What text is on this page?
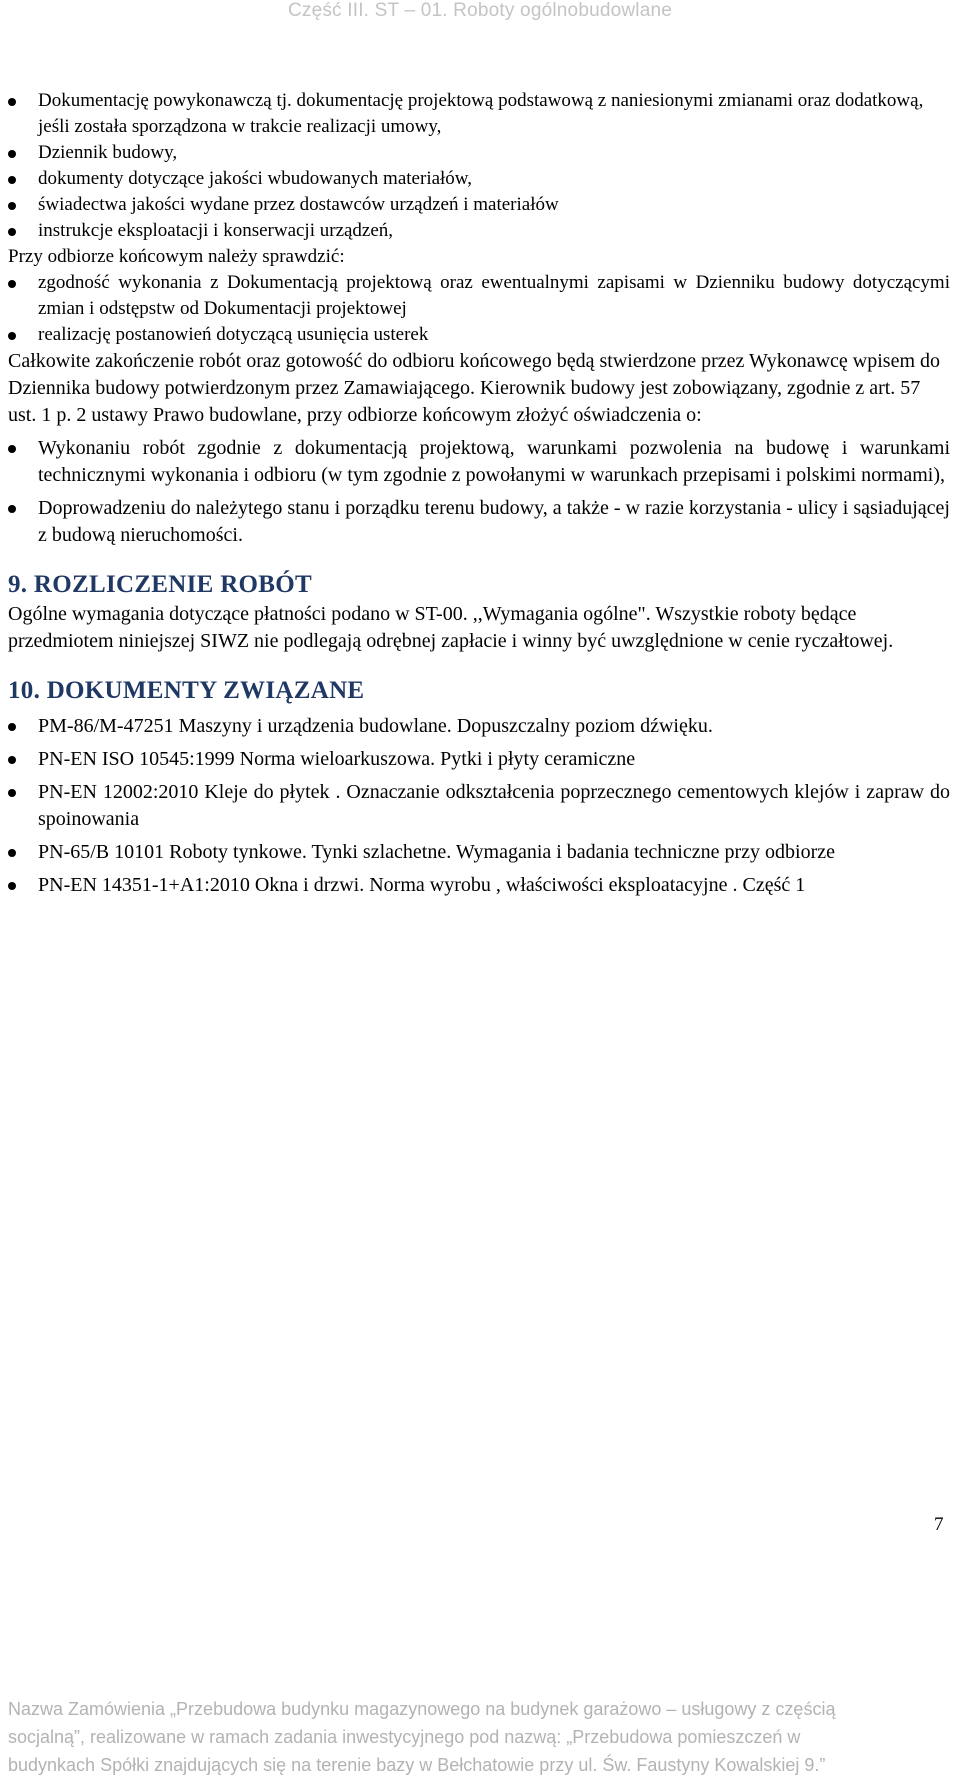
Część III. ST – 01. Roboty ogólnobudowlane
Dokumentację powykonawczą tj. dokumentację projektową podstawową z naniesionymi zmianami oraz dodatkową, jeśli została sporządzona w trakcie realizacji umowy,
Dziennik budowy,
dokumenty dotyczące jakości wbudowanych materiałów,
świadectwa jakości wydane przez dostawców urządzeń i materiałów
instrukcje eksploatacji i konserwacji urządzeń,
Przy odbiorze końcowym należy sprawdzić:
zgodność wykonania z Dokumentacją projektową oraz ewentualnymi zapisami w Dzienniku budowy dotyczącymi zmian i odstępstw od Dokumentacji projektowej
realizację postanowień dotyczącą usunięcia usterek
Całkowite zakończenie robót oraz gotowość do odbioru końcowego będą stwierdzone przez Wykonawcę wpisem do Dziennika budowy potwierdzonym przez Zamawiającego. Kierownik budowy jest zobowiązany, zgodnie z art. 57 ust. 1 p. 2 ustawy Prawo budowlane, przy odbiorze końcowym złożyć oświadczenia o:
Wykonaniu robót zgodnie z dokumentacją projektową, warunkami pozwolenia na budowę i warunkami technicznymi wykonania i odbioru (w tym zgodnie z powołanymi w warunkach przepisami i polskimi normami),
Doprowadzeniu do należytego stanu i porządku terenu budowy, a także - w razie korzystania - ulicy i sąsiadującej z budową nieruchomości.
9. ROZLICZENIE ROBÓT
Ogólne wymagania dotyczące płatności podano w ST-00. ,,Wymagania ogólne". Wszystkie roboty będące przedmiotem niniejszej SIWZ nie podlegają odrębnej zapłacie i winny być uwzględnione w cenie ryczałtowej.
10. DOKUMENTY ZWIĄZANE
PM-86/M-47251 Maszyny i urządzenia budowlane. Dopuszczalny poziom dźwięku.
PN-EN ISO 10545:1999 Norma wieloarkuszowa. Pytki i płyty ceramiczne
PN-EN 12002:2010 Kleje do płytek . Oznaczanie odkształcenia poprzecznego cementowych klejów i zapraw do spoinowania
PN-65/B 10101 Roboty tynkowe. Tynki szlachetne. Wymagania i badania techniczne przy odbiorze
PN-EN 14351-1+A1:2010 Okna i drzwi. Norma wyrobu , właściwości eksploatacyjne . Część 1
7
Nazwa Zamówienia „Przebudowa budynku magazynowego na budynek garażowo – usługowy z częścią
socjalną”, realizowane w ramach zadania inwestycyjnego pod nazwą: „Przebudowa pomieszczeń w
budynkach Spółki znajdujących się na terenie bazy w Bełchatowie przy ul. Św. Faustyny Kowalskiej 9.”
